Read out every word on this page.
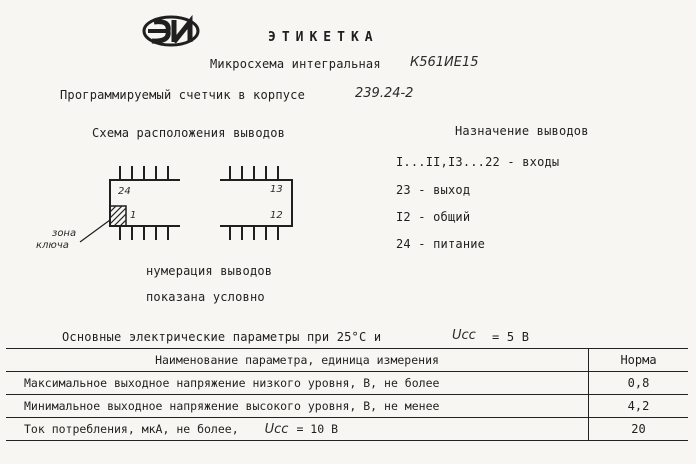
ЭТИКЕТКА
Микросхема интегральная К561ИЕ15
Программируемый счетчик в корпусе	239.24-2
Схема расположения выводов	Назначение выводов
24
1
13
12
зона
ключа
нумерация выводов
показана условно
I...II,I3...22 - входы
23 - выход
I2 - общий
24 - питание
Основные электрические параметры при 25°С и	Ucc = 5 В
Наименование параметра, единица измерения	Норма
Максимальное выходное напряжение низкого уровня, В, не более	0,8
Минимальное выходное напряжение высокого уровня, В, не менее	4,2
Ток потребления, мкА, не более, Ucc = 10 В	20
